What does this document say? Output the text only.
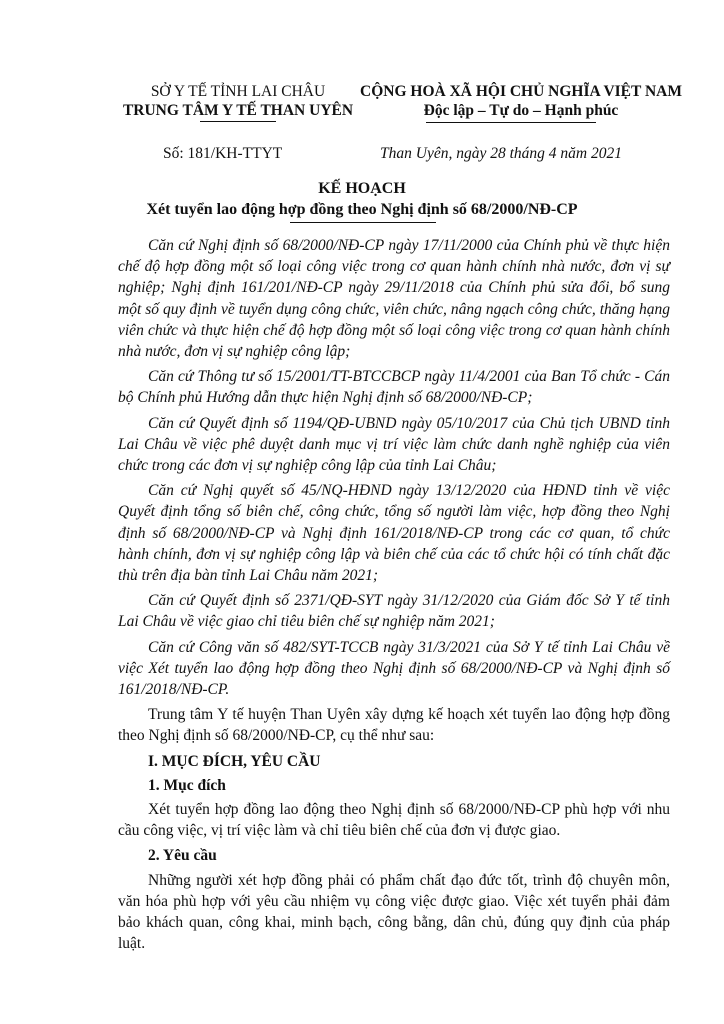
SỞ Y TẾ TỈNH LAI CHÂU
TRUNG TÂM Y TẾ THAN UYÊN
CỘNG HOÀ XÃ HỘI CHỦ NGHĨA VIỆT NAM
Độc lập – Tự do – Hạnh phúc
Số: 181/KH-TTYT	Than Uyên, ngày 28 tháng 4 năm 2021
KẾ HOẠCH
Xét tuyển lao động hợp đồng theo Nghị định số 68/2000/NĐ-CP

Căn cứ Nghị định số 68/2000/NĐ-CP ngày 17/11/2000 của Chính phủ về thực hiện chế độ hợp đồng một số loại công việc trong cơ quan hành chính nhà nước, đơn vị sự nghiệp; Nghị định 161/201/NĐ-CP ngày 29/11/2018 của Chính phủ sửa đổi, bổ sung một số quy định về tuyển dụng công chức, viên chức, nâng ngạch công chức, thăng hạng viên chức và thực hiện chế độ hợp đồng một số loại công việc trong cơ quan hành chính nhà nước, đơn vị sự nghiệp công lập;

Căn cứ Thông tư số 15/2001/TT-BTCCBCP ngày 11/4/2001 của Ban Tổ chức - Cán bộ Chính phủ Hướng dẫn thực hiện Nghị định số 68/2000/NĐ-CP;

Căn cứ Quyết định số 1194/QĐ-UBND ngày 05/10/2017 của Chủ tịch UBND tỉnh Lai Châu về việc phê duyệt danh mục vị trí việc làm chức danh nghề nghiệp của viên chức trong các đơn vị sự nghiệp công lập của tỉnh Lai Châu;

Căn cứ Nghị quyết số 45/NQ-HĐND ngày 13/12/2020 của HĐND tỉnh về việc Quyết định tổng số biên chế, công chức, tổng số người làm việc, hợp đồng theo Nghị định số 68/2000/NĐ-CP và Nghị định 161/2018/NĐ-CP trong các cơ quan, tổ chức hành chính, đơn vị sự nghiệp công lập và biên chế của các tổ chức hội có tính chất đặc thù trên địa bàn tỉnh Lai Châu năm 2021;

Căn cứ Quyết định số 2371/QĐ-SYT ngày 31/12/2020 của Giám đốc Sở Y tế tỉnh Lai Châu về việc giao chỉ tiêu biên chế sự nghiệp năm 2021;

Căn cứ Công văn số 482/SYT-TCCB ngày 31/3/2021 của Sở Y tế tỉnh Lai Châu về việc Xét tuyển lao động hợp đồng theo Nghị định số 68/2000/NĐ-CP và Nghị định số 161/2018/NĐ-CP.

Trung tâm Y tế huyện Than Uyên xây dựng kế hoạch xét tuyển lao động hợp đồng theo Nghị định số 68/2000/NĐ-CP, cụ thể như sau:

I. MỤC ĐÍCH, YÊU CẦU

1. Mục đích

Xét tuyển hợp đồng lao động theo Nghị định số 68/2000/NĐ-CP phù hợp với nhu cầu công việc, vị trí việc làm và chỉ tiêu biên chế của đơn vị được giao.

2. Yêu cầu

Những người xét hợp đồng phải có phẩm chất đạo đức tốt, trình độ chuyên môn, văn hóa phù hợp với yêu cầu nhiệm vụ công việc được giao. Việc xét tuyển phải đảm bảo khách quan, công khai, minh bạch, công bằng, dân chủ, đúng quy định của pháp luật.
